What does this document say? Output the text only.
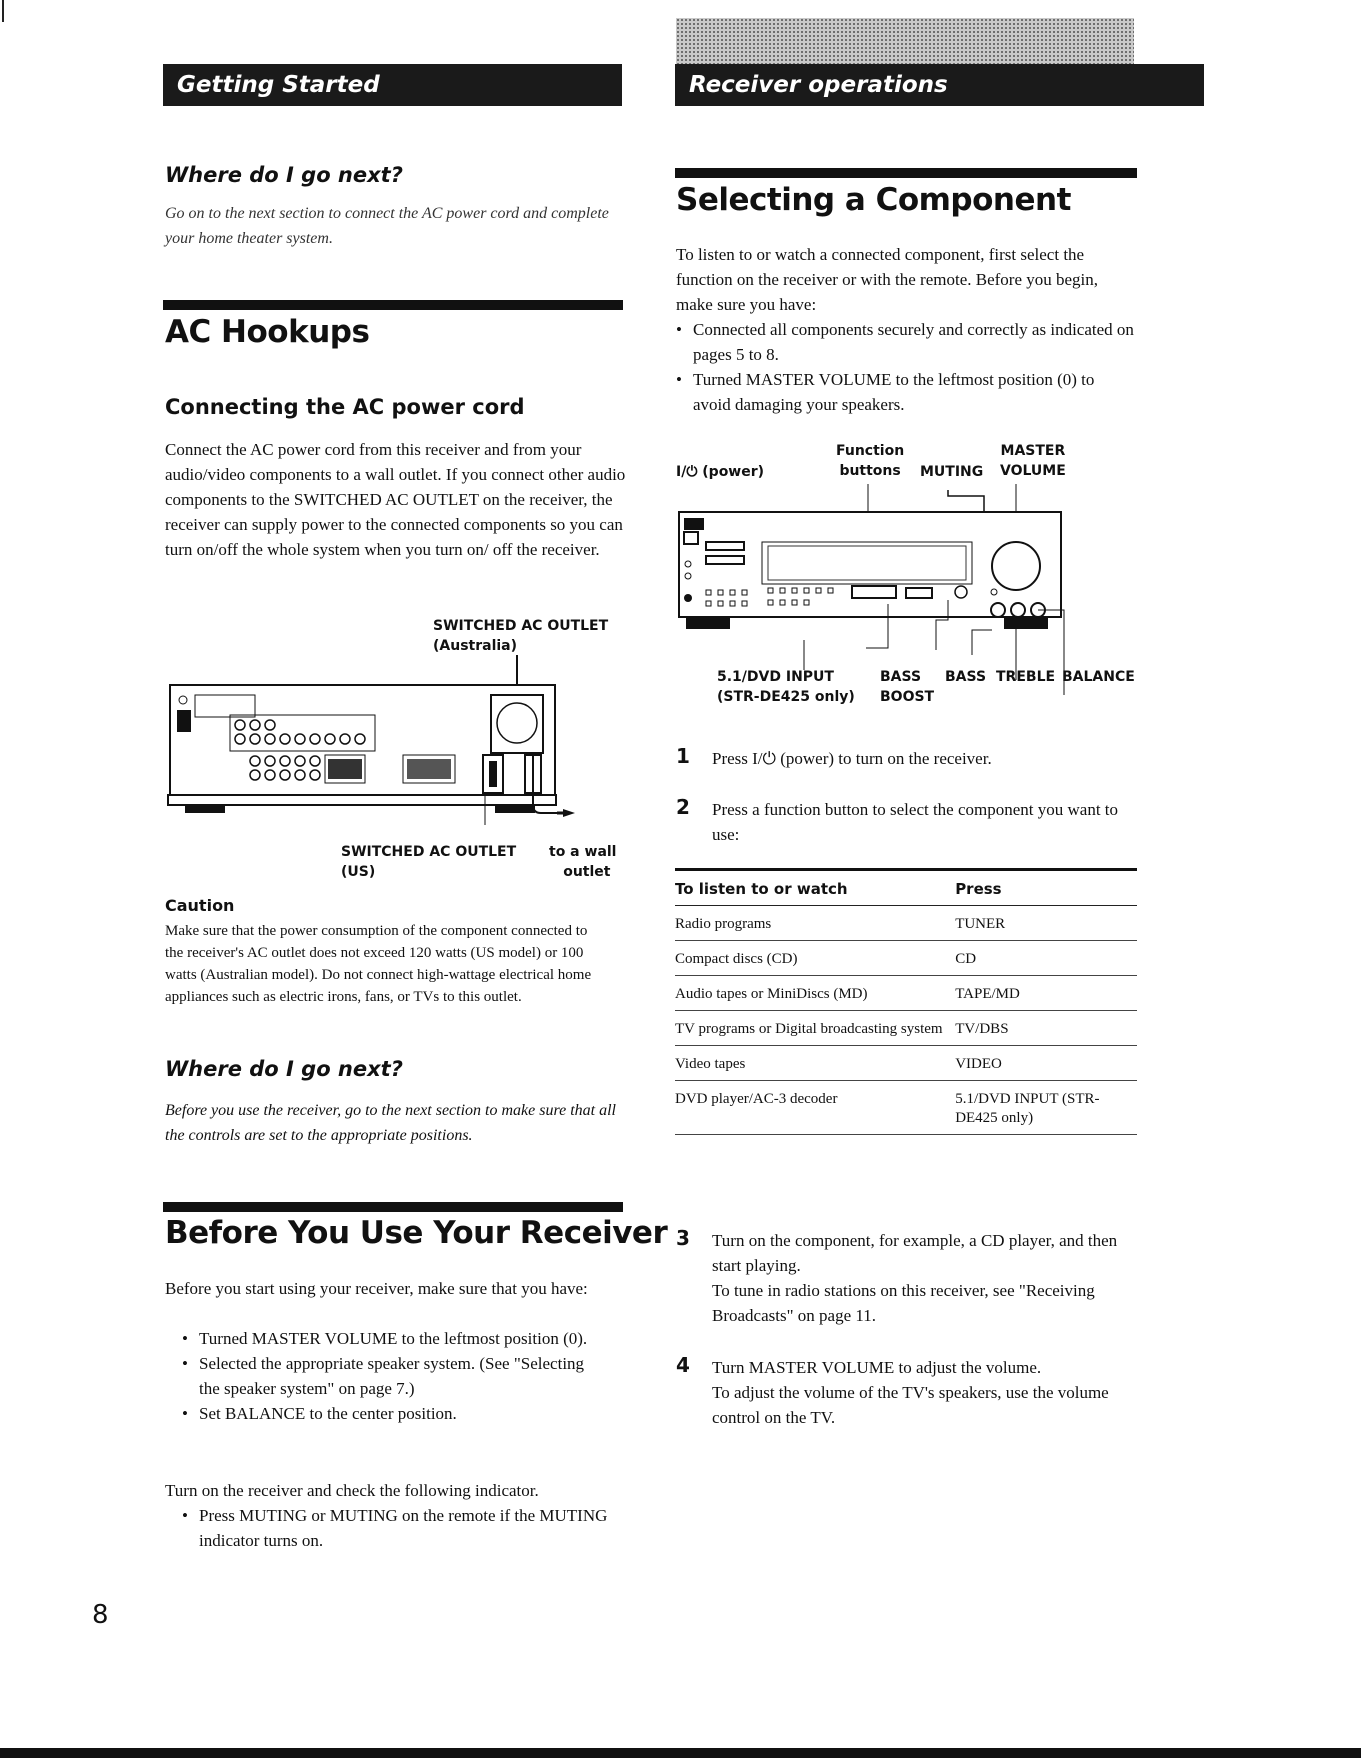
Getting Started	Receiver operations
Where do I go next?
Go on to the next section to connect the AC power cord and complete your home theater system.
AC Hookups
Connecting the AC power cord
Connect the AC power cord from this receiver and from your audio/video components to a wall outlet. If you connect other audio components to the SWITCHED AC OUTLET on the receiver, the receiver can supply power to the connected components so you can turn on/off the whole system when you turn on/ off the receiver.
SWITCHED AC OUTLET
(Australia)
SWITCHED AC OUTLET
(US)
to a wall
outlet
Caution
Make sure that the power consumption of the component connected to the receiver's AC outlet does not exceed 120 watts (US model) or 100 watts (Australian model). Do not connect high-wattage electrical home appliances such as electric irons, fans, or TVs to this outlet.
Where do I go next?
Before you use the receiver, go to the next section to make sure that all the controls are set to the appropriate positions.
Before You Use Your Receiver
Before you start using your receiver, make sure that you have:
• Turned MASTER VOLUME to the leftmost position (0).
• Selected the appropriate speaker system. (See "Selecting the speaker system" on page 7.)
• Set BALANCE to the center position.
Turn on the receiver and check the following indicator.
• Press MUTING or MUTING on the remote if the MUTING indicator turns on.
8
Selecting a Component
To listen to or watch a connected component, first select the function on the receiver or with the remote. Before you begin, make sure you have:
• Connected all components securely and correctly as indicated on pages 5 to 8.
• Turned MASTER VOLUME to the leftmost position (0) to avoid damaging your speakers.
I/⏻ (power)
Function
buttons MUTING
MASTER
VOLUME
5.1/DVD INPUT
(STR-DE425 only)
BASS
BOOST
BASS TREBLE BALANCE
1 Press I/⏻ (power) to turn on the receiver.
2 Press a function button to select the component you want to use:
To listen to or watch	Press
Radio programs	TUNER
Compact discs (CD)	CD
Audio tapes or MiniDiscs (MD)	TAPE/MD
TV programs or Digital broadcasting system	TV/DBS
Video tapes	VIDEO
DVD player/AC-3 decoder	5.1/DVD INPUT (STR-DE425 only)
3 Turn on the component, for example, a CD player, and then start playing.
To tune in radio stations on this receiver, see "Receiving Broadcasts" on page 11.
4 Turn MASTER VOLUME to adjust the volume.
To adjust the volume of the TV's speakers, use the volume control on the TV.
